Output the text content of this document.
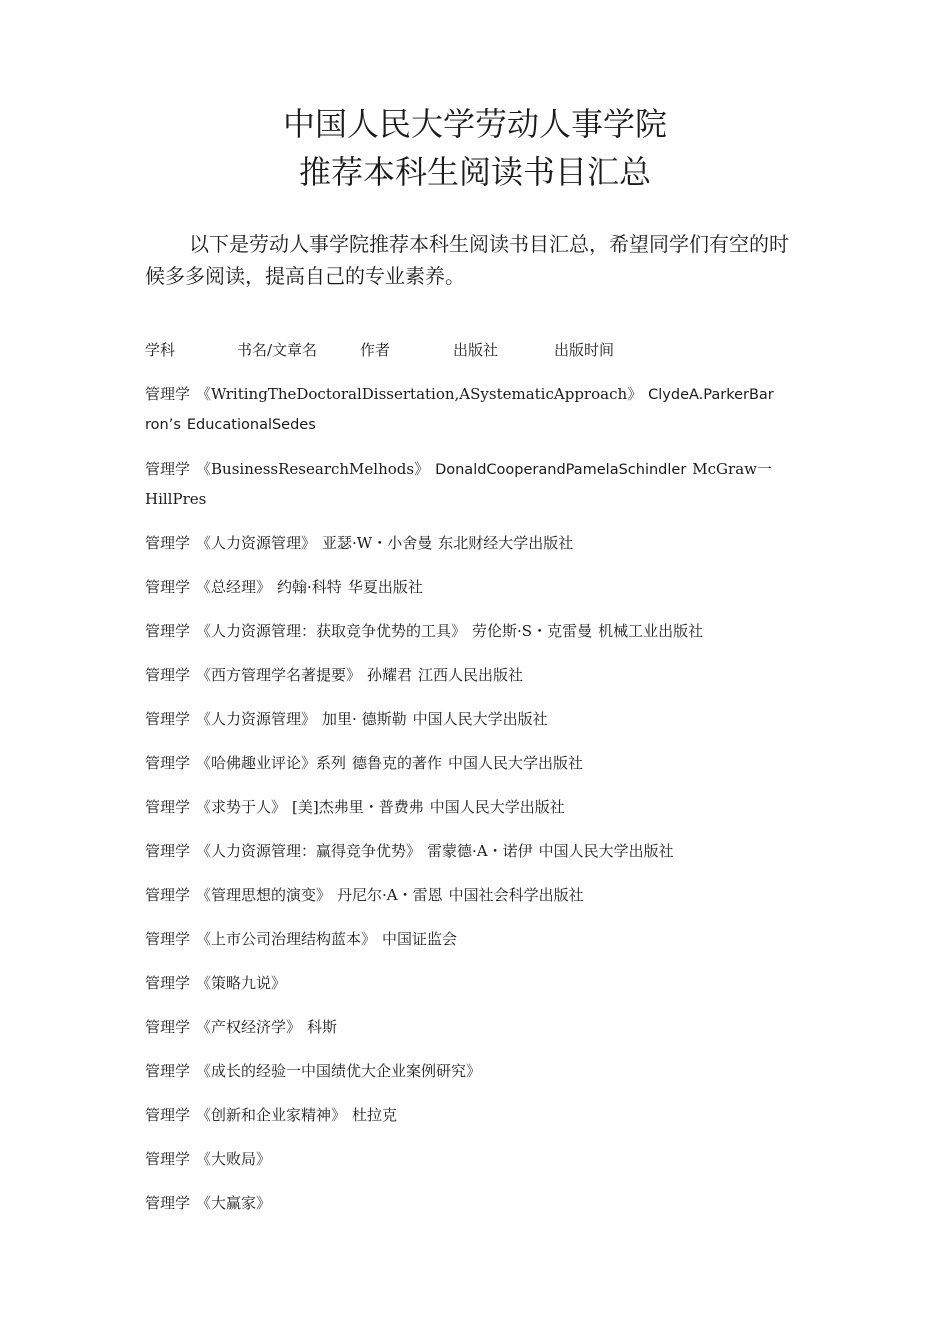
中国人民大学劳动人事学院
推荐本科生阅读书目汇总
以下是劳动人事学院推荐本科生阅读书目汇总，希望同学们有空的时候多多阅读，提高自己的专业素养。
学科	书名/文章名	作者	出版社	出版时间
管理学 《WritingTheDoctoralDissertation,ASystematicApproach》 ClydeA.ParkerBarron’s EducationalSedes
管理学 《BusinessResearchMelhods》 DonaldCooperandPamelaSchindler McGraw一HillPres
管理学 《人力资源管理》 亚瑟·W・小舍曼 东北财经大学出版社
管理学 《总经理》 约翰·科特 华夏出版社
管理学 《人力资源管理：获取竞争优势的工具》 劳伦斯·S・克雷曼 机械工业出版社
管理学 《西方管理学名著提要》 孙耀君 江西人民出版社
管理学 《人力资源管理》 加里· 德斯勒 中国人民大学出版社
管理学 《哈佛趣业评论》系列 德鲁克的著作 中国人民大学出版社
管理学 《求势于人》 [美]杰弗里・普费弗 中国人民大学出版社
管理学 《人力资源管理：赢得竞争优势》 雷蒙德·A・诺伊 中国人民大学出版社
管理学 《管理思想的演变》 丹尼尔·A・雷恩 中国社会科学出版社
管理学 《上市公司治理结构蓝本》 中国证监会
管理学 《策略九说》
管理学 《产权经济学》 科斯
管理学 《成长的经验一中国绩优大企业案例研究》
管理学 《创新和企业家精神》 杜拉克
管理学 《大败局》
管理学 《大赢家》
